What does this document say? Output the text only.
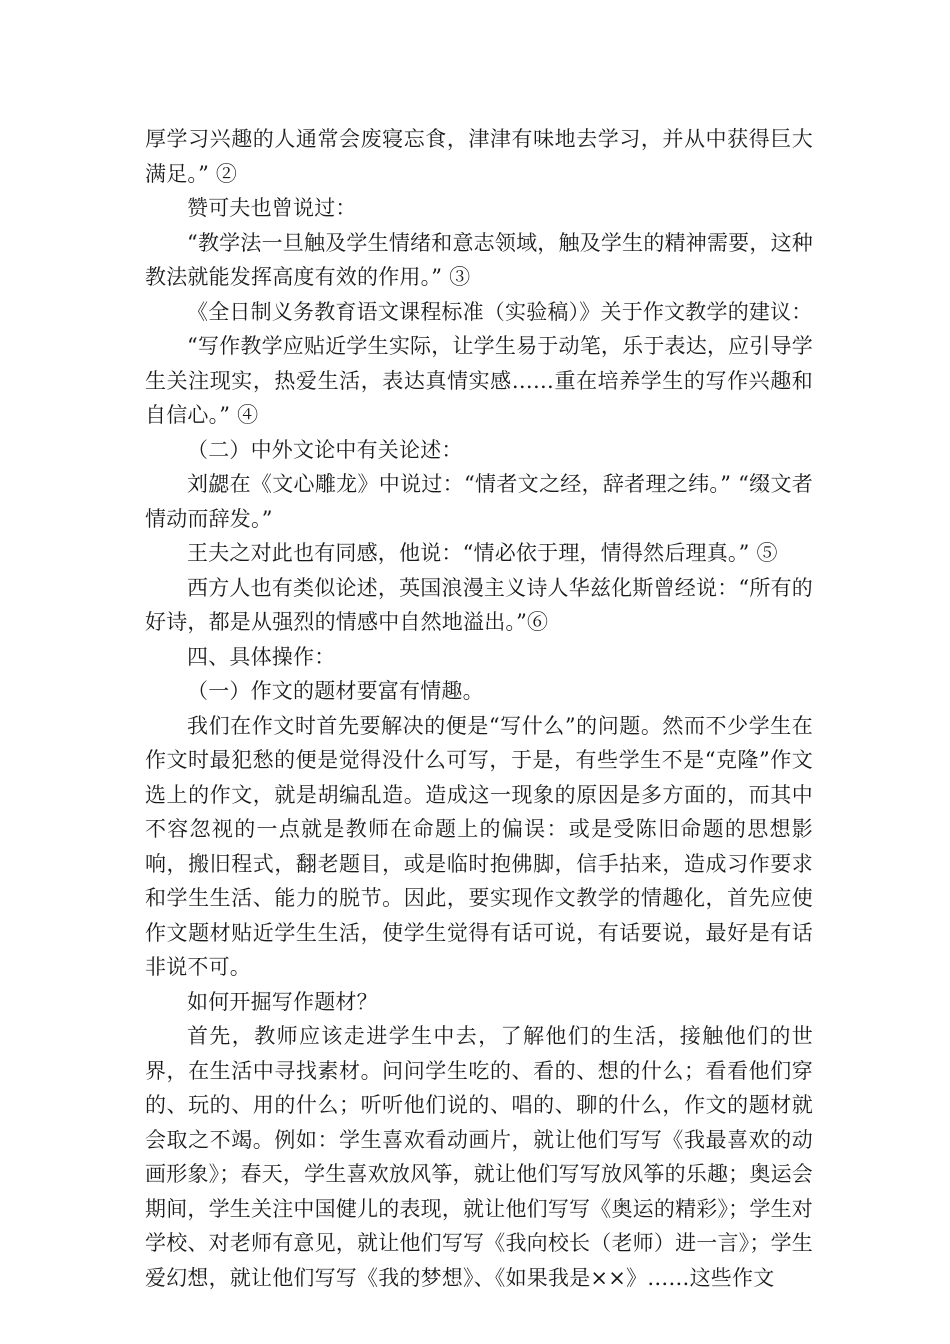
厚学习兴趣的人通常会废寝忘食，津津有味地去学习，并从中获得巨大满足。” ②

赞可夫也曾说过：

“教学法一旦触及学生情绪和意志领域，触及学生的精神需要，这种教法就能发挥高度有效的作用。” ③

《全日制义务教育语文课程标准（实验稿）》关于作文教学的建议：

“写作教学应贴近学生实际，让学生易于动笔，乐于表达，应引导学生关注现实，热爱生活，表达真情实感……重在培养学生的写作兴趣和自信心。” ④

（二）中外文论中有关论述：

刘勰在《文心雕龙》中说过：“情者文之经，辞者理之纬。” “缀文者情动而辞发。”

王夫之对此也有同感，他说：“情必依于理，情得然后理真。” ⑤

西方人也有类似论述，英国浪漫主义诗人华兹化斯曾经说：“所有的好诗，都是从强烈的情感中自然地溢出。”⑥

四、具体操作：

（一）作文的题材要富有情趣。

我们在作文时首先要解决的便是“写什么”的问题。然而不少学生在作文时最犯愁的便是觉得没什么可写，于是，有些学生不是“克隆”作文选上的作文，就是胡编乱造。造成这一现象的原因是多方面的，而其中不容忽视的一点就是教师在命题上的偏误：或是受陈旧命题的思想影响，搬旧程式，翻老题目，或是临时抱佛脚，信手拈来，造成习作要求和学生生活、能力的脱节。因此，要实现作文教学的情趣化，首先应使作文题材贴近学生生活，使学生觉得有话可说，有话要说，最好是有话非说不可。

如何开掘写作题材？

首先，教师应该走进学生中去，了解他们的生活，接触他们的世界，在生活中寻找素材。问问学生吃的、看的、想的什么；看看他们穿的、玩的、用的什么；听听他们说的、唱的、聊的什么，作文的题材就会取之不竭。例如：学生喜欢看动画片，就让他们写写《我最喜欢的动画形象》；春天，学生喜欢放风筝，就让他们写写放风筝的乐趣；奥运会期间，学生关注中国健儿的表现，就让他们写写《奥运的精彩》；学生对学校、对老师有意见，就让他们写写《我向校长（老师）进一言》；学生爱幻想，就让他们写写《我的梦想》、《如果我是××》……这些作文
